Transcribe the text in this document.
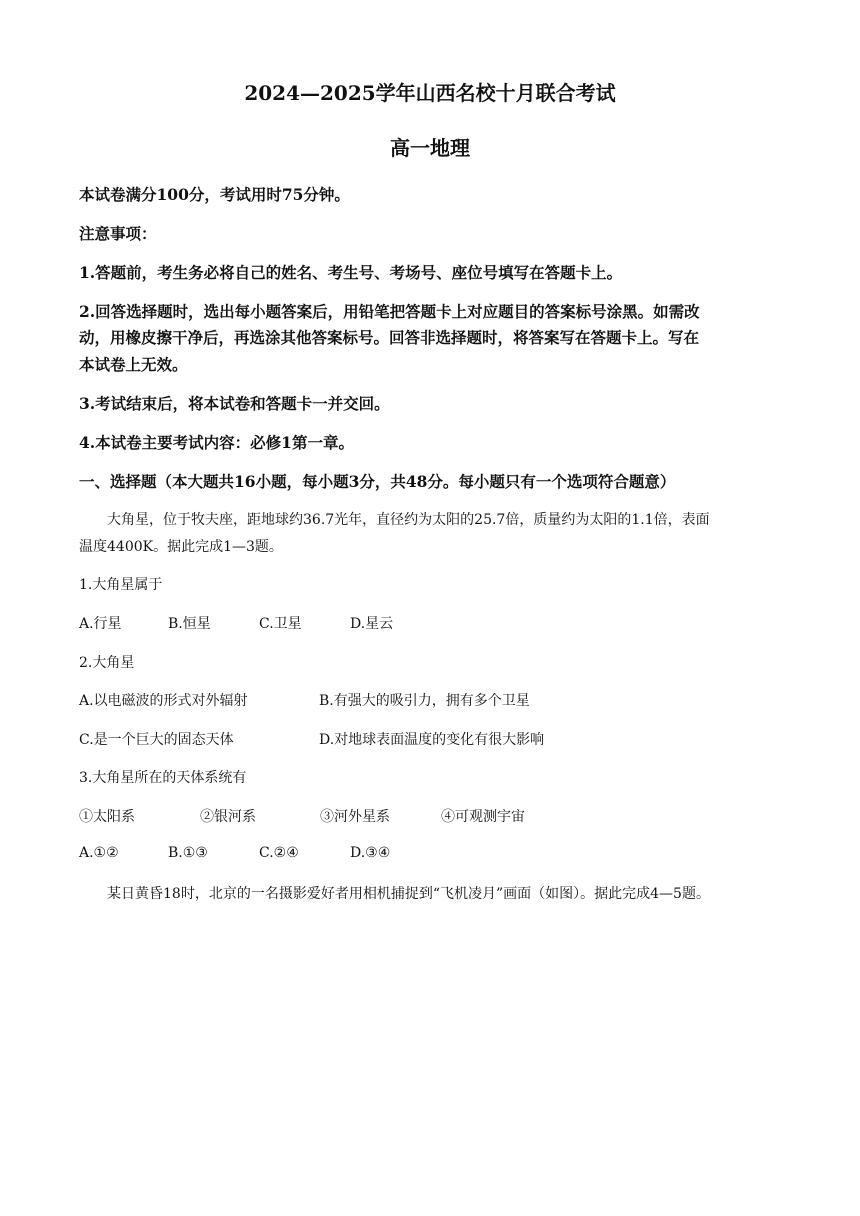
2024—2025学年山西名校十月联合考试
高一地理
本试卷满分100分，考试用时75分钟。
注意事项：
1.答题前，考生务必将自己的姓名、考生号、考场号、座位号填写在答题卡上。
2.回答选择题时，选出每小题答案后，用铅笔把答题卡上对应题目的答案标号涂黑。如需改
动，用橡皮擦干净后，再选涂其他答案标号。回答非选择题时，将答案写在答题卡上。写在
本试卷上无效。
3.考试结束后，将本试卷和答题卡一并交回。
4.本试卷主要考试内容：必修1第一章。
一、选择题（本大题共16小题，每小题3分，共48分。每小题只有一个选项符合题意）
大角星，位于牧夫座，距地球约36.7光年，直径约为太阳的25.7倍，质量约为太阳的1.1倍，表面
温度4400K。据此完成1—3题。
1.大角星属于
A.行星	B.恒星	C.卫星	D.星云
2.大角星
A.以电磁波的形式对外辐射	B.有强大的吸引力，拥有多个卫星
C.是一个巨大的固态天体	D.对地球表面温度的变化有很大影响
3.大角星所在的天体系统有
①太阳系	②银河系	③河外星系	④可观测宇宙
A.①②	B.①③	C.②④	D.③④
某日黄昏18时，北京的一名摄影爱好者用相机捕捉到“飞机凌月”画面（如图）。据此完成4—5题。
